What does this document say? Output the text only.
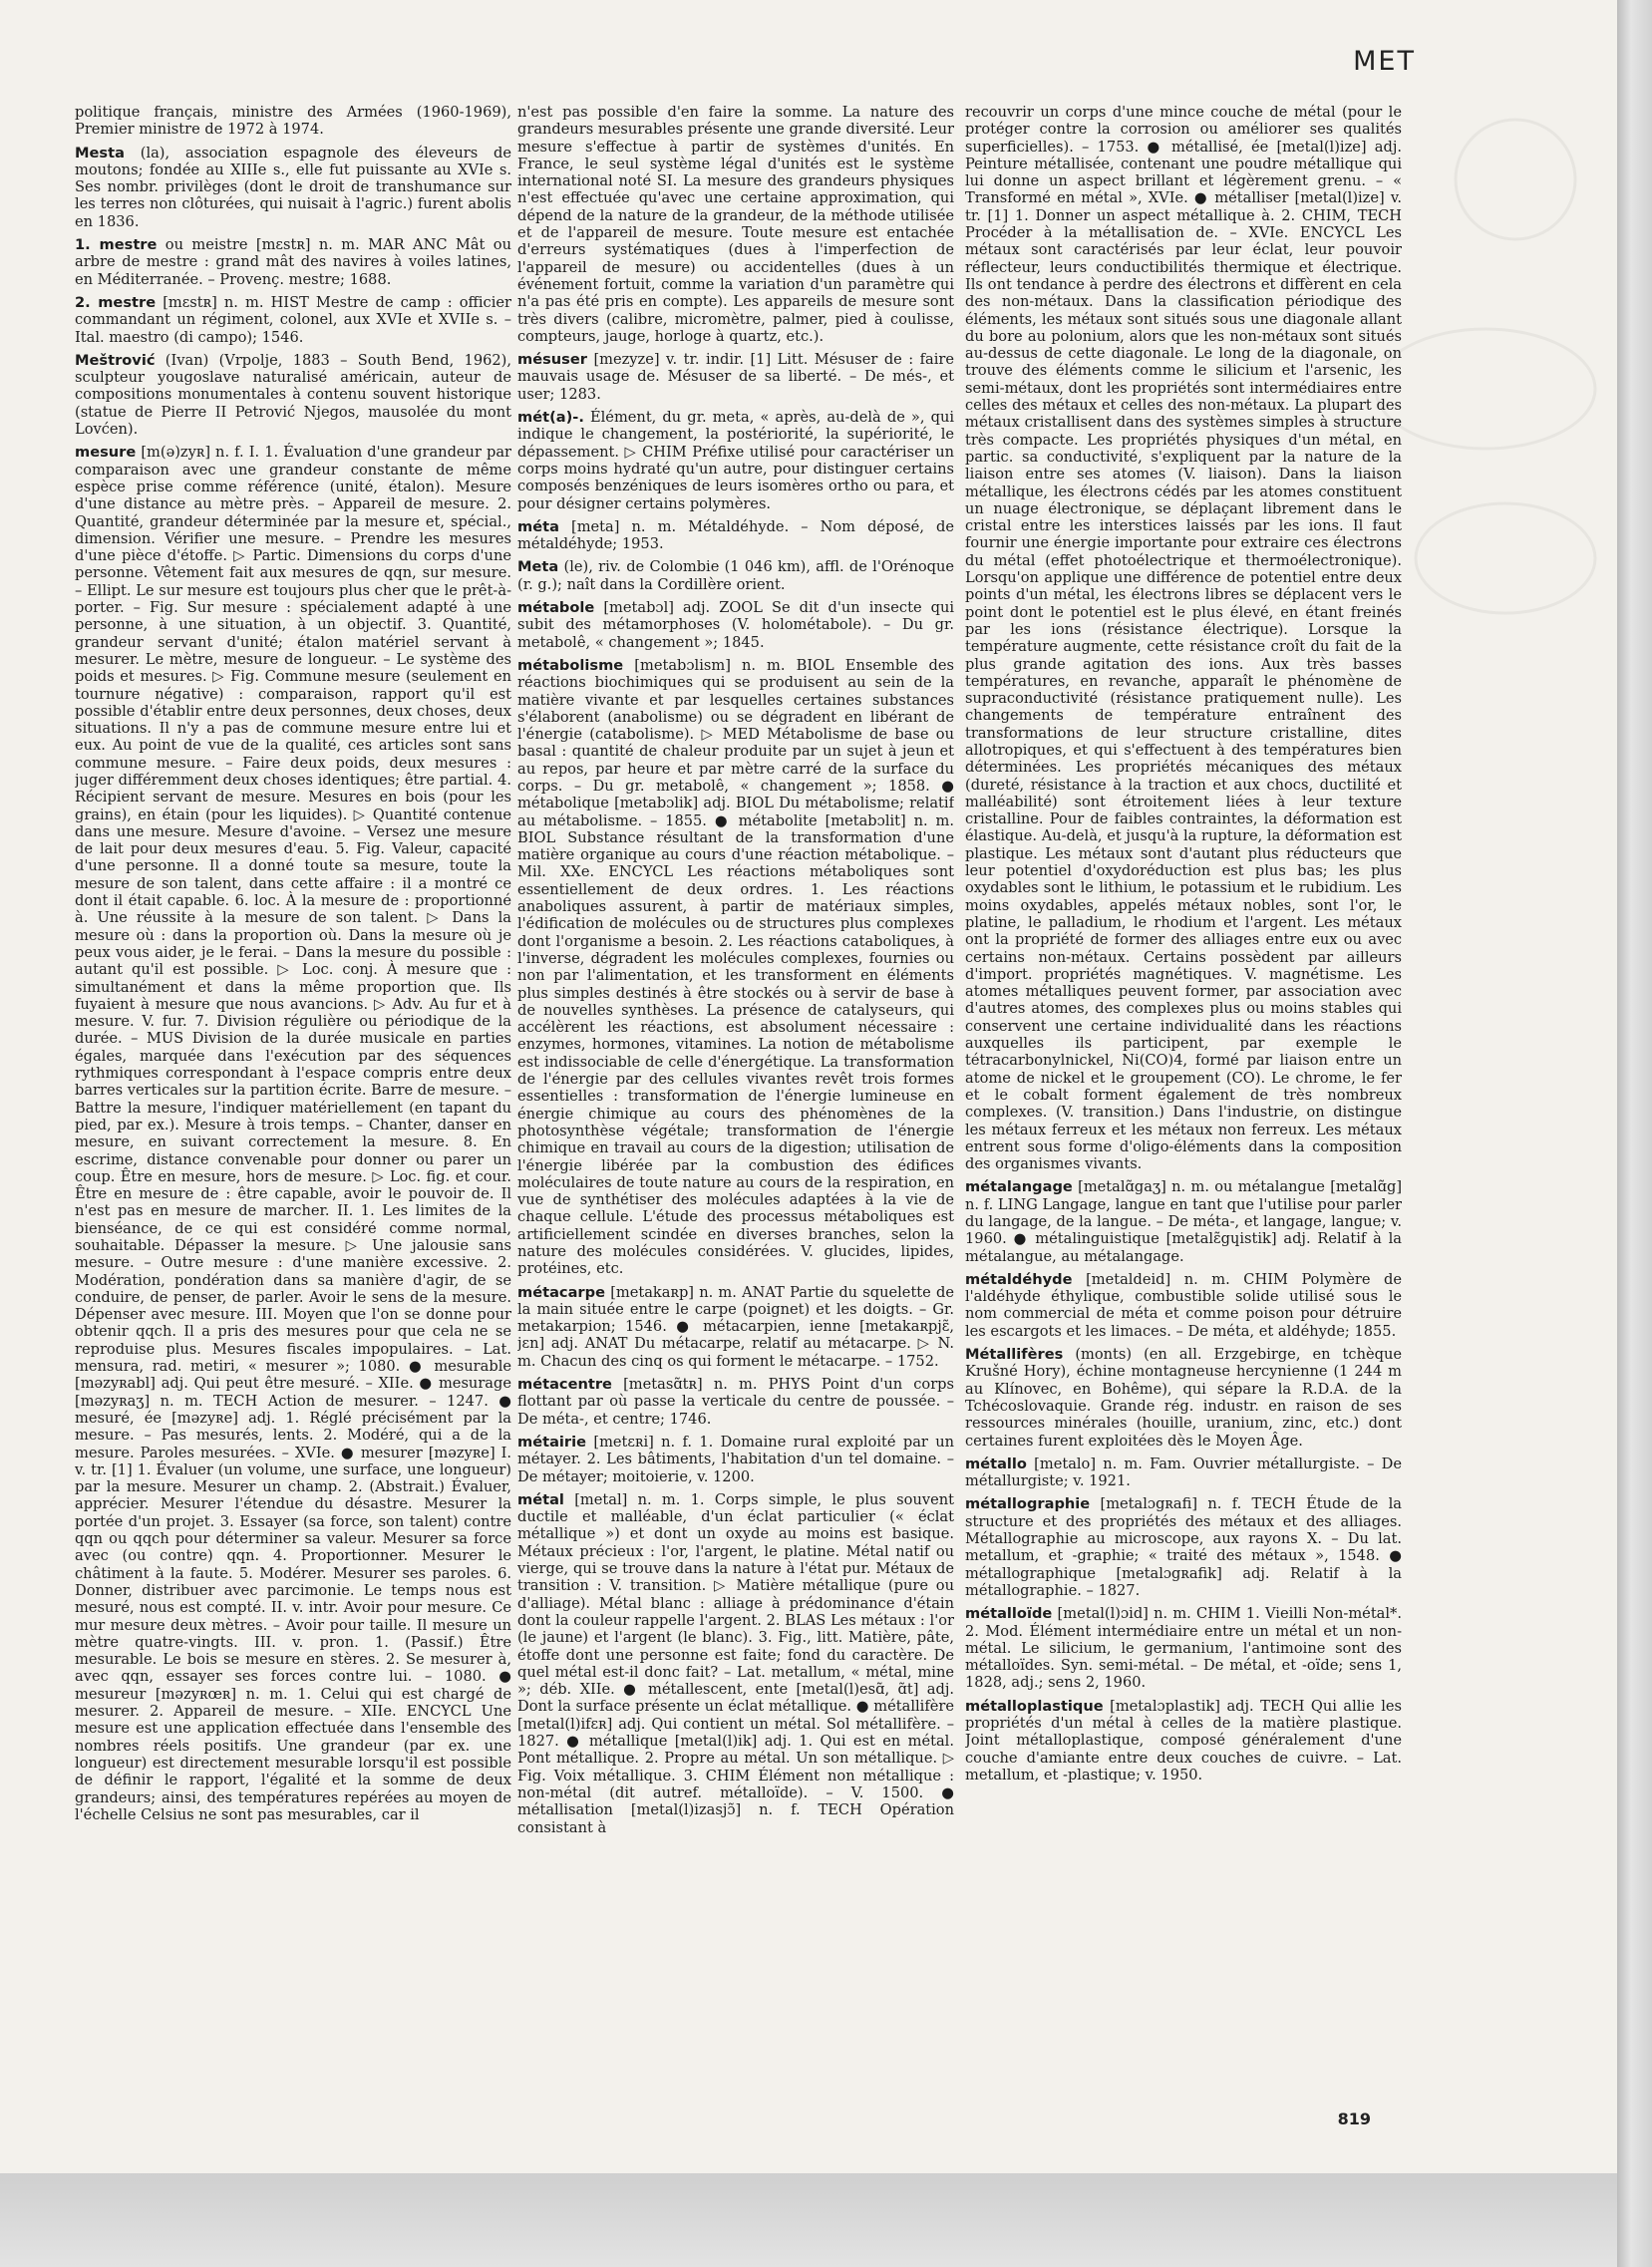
MET

politique français, ministre des Armées (1960-1969), Premier ministre de 1972 à 1974.

Mesta (la), association espagnole des éleveurs de moutons; fondée au XIIIe s., elle fut puissante au XVIe s. Ses nombr. privilèges (dont le droit de transhumance sur les terres non clôturées, qui nuisait à l'agric.) furent abolis en 1836.

1. mestre ou meistre [mɛstʀ] n. m. MAR ANC Mât ou arbre de mestre : grand mât des navires à voiles latines, en Méditerranée. – Provenç. mestre; 1688.

2. mestre [mɛstʀ] n. m. HIST Mestre de camp : officier commandant un régiment, colonel, aux XVIe et XVIIe s. – Ital. maestro (di campo); 1546.

Meštrović (Ivan) (Vrpolje, 1883 – South Bend, 1962), sculpteur yougoslave naturalisé américain, auteur de compositions monumentales à contenu souvent historique (statue de Pierre II Petrović Njegos, mausolée du mont Lovćen).

mesure [m(ə)zyʀ] n. f. I. 1. Évaluation d'une grandeur par comparaison avec une grandeur constante de même espèce prise comme référence (unité, étalon). Mesure d'une distance au mètre près. – Appareil de mesure. 2. Quantité, grandeur déterminée par la mesure et, spécial., dimension. Vérifier une mesure. – Prendre les mesures d'une pièce d'étoffe. ▷ Partic. Dimensions du corps d'une personne. Vêtement fait aux mesures de qqn, sur mesure. – Ellipt. Le sur mesure est toujours plus cher que le prêt-à-porter. – Fig. Sur mesure : spécialement adapté à une personne, à une situation, à un objectif. 3. Quantité, grandeur servant d'unité; étalon matériel servant à mesurer. Le mètre, mesure de longueur. – Le système des poids et mesures. ▷ Fig. Commune mesure (seulement en tournure négative) : comparaison, rapport qu'il est possible d'établir entre deux personnes, deux choses, deux situations. Il n'y a pas de commune mesure entre lui et eux. Au point de vue de la qualité, ces articles sont sans commune mesure. – Faire deux poids, deux mesures : juger différemment deux choses identiques; être partial. 4. Récipient servant de mesure. Mesures en bois (pour les grains), en étain (pour les liquides). ▷ Quantité contenue dans une mesure. Mesure d'avoine. – Versez une mesure de lait pour deux mesures d'eau. 5. Fig. Valeur, capacité d'une personne. Il a donné toute sa mesure, toute la mesure de son talent, dans cette affaire : il a montré ce dont il était capable. 6. loc. À la mesure de : proportionné à. Une réussite à la mesure de son talent. ▷ Dans la mesure où : dans la proportion où. Dans la mesure où je peux vous aider, je le ferai. – Dans la mesure du possible : autant qu'il est possible. ▷ Loc. conj. À mesure que : simultanément et dans la même proportion que. Ils fuyaient à mesure que nous avancions. ▷ Adv. Au fur et à mesure. V. fur. 7. Division régulière ou périodique de la durée. – MUS Division de la durée musicale en parties égales, marquée dans l'exécution par des séquences rythmiques correspondant à l'espace compris entre deux barres verticales sur la partition écrite. Barre de mesure. – Battre la mesure, l'indiquer matériellement (en tapant du pied, par ex.). Mesure à trois temps. – Chanter, danser en mesure, en suivant correctement la mesure. 8. En escrime, distance convenable pour donner ou parer un coup. Être en mesure, hors de mesure. ▷ Loc. fig. et cour. Être en mesure de : être capable, avoir le pouvoir de. Il n'est pas en mesure de marcher. II. 1. Les limites de la bienséance, de ce qui est considéré comme normal, souhaitable. Dépasser la mesure. ▷ Une jalousie sans mesure. – Outre mesure : d'une manière excessive. 2. Modération, pondération dans sa manière d'agir, de se conduire, de penser, de parler. Avoir le sens de la mesure. Dépenser avec mesure. III. Moyen que l'on se donne pour obtenir qqch. Il a pris des mesures pour que cela ne se reproduise plus. Mesures fiscales impopulaires. – Lat. mensura, rad. metiri, « mesurer »; 1080. ● mesurable [məzyʀabl] adj. Qui peut être mesuré. – XIIe. ● mesurage [məzyʀaʒ] n. m. TECH Action de mesurer. – 1247. ● mesuré, ée [məzyʀe] adj. 1. Réglé précisément par la mesure. – Pas mesurés, lents. 2. Modéré, qui a de la mesure. Paroles mesurées. – XVIe. ● mesurer [məzyʀe] I. v. tr. [1] 1. Évaluer (un volume, une surface, une longueur) par la mesure. Mesurer un champ. 2. (Abstrait.) Évaluer, apprécier. Mesurer l'étendue du désastre. Mesurer la portée d'un projet. 3. Essayer (sa force, son talent) contre qqn ou qqch pour déterminer sa valeur. Mesurer sa force avec (ou contre) qqn. 4. Proportionner. Mesurer le châtiment à la faute. 5. Modérer. Mesurer ses paroles. 6. Donner, distribuer avec parcimonie. Le temps nous est mesuré, nous est compté. II. v. intr. Avoir pour mesure. Ce mur mesure deux mètres. – Avoir pour taille. Il mesure un mètre quatre-vingts. III. v. pron. 1. (Passif.) Être mesurable. Le bois se mesure en stères. 2. Se mesurer à, avec qqn, essayer ses forces contre lui. – 1080. ● mesureur [məzyʀœʀ] n. m. 1. Celui qui est chargé de mesurer. 2. Appareil de mesure. – XIIe. ENCYCL Une mesure est une application effectuée dans l'ensemble des nombres réels positifs. Une grandeur (par ex. une longueur) est directement mesurable lorsqu'il est possible de définir le rapport, l'égalité et la somme de deux grandeurs; ainsi, des températures repérées au moyen de l'échelle Celsius ne sont pas mesurables, car il

n'est pas possible d'en faire la somme. La nature des grandeurs mesurables présente une grande diversité. Leur mesure s'effectue à partir de systèmes d'unités. En France, le seul système légal d'unités est le système international noté SI. La mesure des grandeurs physiques n'est effectuée qu'avec une certaine approximation, qui dépend de la nature de la grandeur, de la méthode utilisée et de l'appareil de mesure. Toute mesure est entachée d'erreurs systématiques (dues à l'imperfection de l'appareil de mesure) ou accidentelles (dues à un événement fortuit, comme la variation d'un paramètre qui n'a pas été pris en compte). Les appareils de mesure sont très divers (calibre, micromètre, palmer, pied à coulisse, compteurs, jauge, horloge à quartz, etc.).

mésuser [mezyze] v. tr. indir. [1] Litt. Mésuser de : faire mauvais usage de. Mésuser de sa liberté. – De més-, et user; 1283.

mét(a)-. Élément, du gr. meta, « après, au-delà de », qui indique le changement, la postériorité, la supériorité, le dépassement. ▷ CHIM Préfixe utilisé pour caractériser un corps moins hydraté qu'un autre, pour distinguer certains composés benzéniques de leurs isomères ortho ou para, et pour désigner certains polymères.

méta [meta] n. m. Métaldéhyde. – Nom déposé, de métaldéhyde; 1953.

Meta (le), riv. de Colombie (1 046 km), affl. de l'Orénoque (r. g.); naît dans la Cordillère orient.

métabole [metabɔl] adj. ZOOL Se dit d'un insecte qui subit des métamorphoses (V. holométabole). – Du gr. metabolê, « changement »; 1845.

métabolisme [metabɔlism] n. m. BIOL Ensemble des réactions biochimiques qui se produisent au sein de la matière vivante et par lesquelles certaines substances s'élaborent (anabolisme) ou se dégradent en libérant de l'énergie (catabolisme). ▷ MED Métabolisme de base ou basal : quantité de chaleur produite par un sujet à jeun et au repos, par heure et par mètre carré de la surface du corps. – Du gr. metabolê, « changement »; 1858. ● métabolique [metabɔlik] adj. BIOL Du métabolisme; relatif au métabolisme. – 1855. ● métabolite [metabɔlit] n. m. BIOL Substance résultant de la transformation d'une matière organique au cours d'une réaction métabolique. – Mil. XXe. ENCYCL Les réactions métaboliques sont essentiellement de deux ordres. 1. Les réactions anaboliques assurent, à partir de matériaux simples, l'édification de molécules ou de structures plus complexes dont l'organisme a besoin. 2. Les réactions cataboliques, à l'inverse, dégradent les molécules complexes, fournies ou non par l'alimentation, et les transforment en éléments plus simples destinés à être stockés ou à servir de base à de nouvelles synthèses. La présence de catalyseurs, qui accélèrent les réactions, est absolument nécessaire : enzymes, hormones, vitamines. La notion de métabolisme est indissociable de celle d'énergétique. La transformation de l'énergie par des cellules vivantes revêt trois formes essentielles : transformation de l'énergie lumineuse en énergie chimique au cours des phénomènes de la photosynthèse végétale; transformation de l'énergie chimique en travail au cours de la digestion; utilisation de l'énergie libérée par la combustion des édifices moléculaires de toute nature au cours de la respiration, en vue de synthétiser des molécules adaptées à la vie de chaque cellule. L'étude des processus métaboliques est artificiellement scindée en diverses branches, selon la nature des molécules considérées. V. glucides, lipides, protéines, etc.

métacarpe [metakaʀp] n. m. ANAT Partie du squelette de la main située entre le carpe (poignet) et les doigts. – Gr. metakarpion; 1546. ● métacarpien, ienne [metakaʀpjɛ̃, jɛn] adj. ANAT Du métacarpe, relatif au métacarpe. ▷ N. m. Chacun des cinq os qui forment le métacarpe. – 1752.

métacentre [metasɑ̃tʀ] n. m. PHYS Point d'un corps flottant par où passe la verticale du centre de poussée. – De méta-, et centre; 1746.

métairie [metɛʀi] n. f. 1. Domaine rural exploité par un métayer. 2. Les bâtiments, l'habitation d'un tel domaine. – De métayer; moitoierie, v. 1200.

métal [metal] n. m. 1. Corps simple, le plus souvent ductile et malléable, d'un éclat particulier (« éclat métallique ») et dont un oxyde au moins est basique. Métaux précieux : l'or, l'argent, le platine. Métal natif ou vierge, qui se trouve dans la nature à l'état pur. Métaux de transition : V. transition. ▷ Matière métallique (pure ou d'alliage). Métal blanc : alliage à prédominance d'étain dont la couleur rappelle l'argent. 2. BLAS Les métaux : l'or (le jaune) et l'argent (le blanc). 3. Fig., litt. Matière, pâte, étoffe dont une personne est faite; fond du caractère. De quel métal est-il donc fait? – Lat. metallum, « métal, mine »; déb. XIIe. ● métallescent, ente [metal(l)esɑ̃, ɑ̃t] adj. Dont la surface présente un éclat métallique. ● métallifère [metal(l)ifɛʀ] adj. Qui contient un métal. Sol métallifère. – 1827. ● métallique [metal(l)ik] adj. 1. Qui est en métal. Pont métallique. 2. Propre au métal. Un son métallique. ▷ Fig. Voix métallique. 3. CHIM Élément non métallique : non-métal (dit autref. métalloïde). – V. 1500. ● métallisation [metal(l)izasjɔ̃] n. f. TECH Opération consistant à

recouvrir un corps d'une mince couche de métal (pour le protéger contre la corrosion ou améliorer ses qualités superficielles). – 1753. ● métallisé, ée [metal(l)ize] adj. Peinture métallisée, contenant une poudre métallique qui lui donne un aspect brillant et légèrement grenu. – « Transformé en métal », XVIe. ● métalliser [metal(l)ize] v. tr. [1] 1. Donner un aspect métallique à. 2. CHIM, TECH Procéder à la métallisation de. – XVIe. ENCYCL Les métaux sont caractérisés par leur éclat, leur pouvoir réflecteur, leurs conductibilités thermique et électrique. Ils ont tendance à perdre des électrons et diffèrent en cela des non-métaux. Dans la classification périodique des éléments, les métaux sont situés sous une diagonale allant du bore au polonium, alors que les non-métaux sont situés au-dessus de cette diagonale. Le long de la diagonale, on trouve des éléments comme le silicium et l'arsenic, les semi-métaux, dont les propriétés sont intermédiaires entre celles des métaux et celles des non-métaux. La plupart des métaux cristallisent dans des systèmes simples à structure très compacte. Les propriétés physiques d'un métal, en partic. sa conductivité, s'expliquent par la nature de la liaison entre ses atomes (V. liaison). Dans la liaison métallique, les électrons cédés par les atomes constituent un nuage électronique, se déplaçant librement dans le cristal entre les interstices laissés par les ions. Il faut fournir une énergie importante pour extraire ces électrons du métal (effet photoélectrique et thermoélectronique). Lorsqu'on applique une différence de potentiel entre deux points d'un métal, les électrons libres se déplacent vers le point dont le potentiel est le plus élevé, en étant freinés par les ions (résistance électrique). Lorsque la température augmente, cette résistance croît du fait de la plus grande agitation des ions. Aux très basses températures, en revanche, apparaît le phénomène de supraconductivité (résistance pratiquement nulle). Les changements de température entraînent des transformations de leur structure cristalline, dites allotropiques, et qui s'effectuent à des températures bien déterminées. Les propriétés mécaniques des métaux (dureté, résistance à la traction et aux chocs, ductilité et malléabilité) sont étroitement liées à leur texture cristalline. Pour de faibles contraintes, la déformation est élastique. Au-delà, et jusqu'à la rupture, la déformation est plastique. Les métaux sont d'autant plus réducteurs que leur potentiel d'oxydoréduction est plus bas; les plus oxydables sont le lithium, le potassium et le rubidium. Les moins oxydables, appelés métaux nobles, sont l'or, le platine, le palladium, le rhodium et l'argent. Les métaux ont la propriété de former des alliages entre eux ou avec certains non-métaux. Certains possèdent par ailleurs d'import. propriétés magnétiques. V. magnétisme. Les atomes métalliques peuvent former, par association avec d'autres atomes, des complexes plus ou moins stables qui conservent une certaine individualité dans les réactions auxquelles ils participent, par exemple le tétracarbonylnickel, Ni(CO)4, formé par liaison entre un atome de nickel et le groupement (CO). Le chrome, le fer et le cobalt forment également de très nombreux complexes. (V. transition.) Dans l'industrie, on distingue les métaux ferreux et les métaux non ferreux. Les métaux entrent sous forme d'oligo-éléments dans la composition des organismes vivants.

métalangage [metalɑ̃gaʒ] n. m. ou métalangue [metalɑ̃g] n. f. LING Langage, langue en tant que l'utilise pour parler du langage, de la langue. – De méta-, et langage, langue; v. 1960. ● métalinguistique [metalɛ̃gɥistik] adj. Relatif à la métalangue, au métalangage.

métaldéhyde [metaldeid] n. m. CHIM Polymère de l'aldéhyde éthylique, combustible solide utilisé sous le nom commercial de méta et comme poison pour détruire les escargots et les limaces. – De méta, et aldéhyde; 1855.

Métallifères (monts) (en all. Erzgebirge, en tchèque Krušné Hory), échine montagneuse hercynienne (1 244 m au Klínovec, en Bohême), qui sépare la R.D.A. de la Tchécoslovaquie. Grande rég. industr. en raison de ses ressources minérales (houille, uranium, zinc, etc.) dont certaines furent exploitées dès le Moyen Âge.

métallo [metalo] n. m. Fam. Ouvrier métallurgiste. – De métallurgiste; v. 1921.

métallographie [metalɔgʀafi] n. f. TECH Étude de la structure et des propriétés des métaux et des alliages. Métallographie au microscope, aux rayons X. – Du lat. metallum, et -graphie; « traité des métaux », 1548. ● métallographique [metalɔgʀafik] adj. Relatif à la métallographie. – 1827.

métalloïde [metal(l)ɔid] n. m. CHIM 1. Vieilli Non-métal*. 2. Mod. Élément intermédiaire entre un métal et un non-métal. Le silicium, le germanium, l'antimoine sont des métalloïdes. Syn. semi-métal. – De métal, et -oïde; sens 1, 1828, adj.; sens 2, 1960.

métalloplastique [metalɔplastik] adj. TECH Qui allie les propriétés d'un métal à celles de la matière plastique. Joint métalloplastique, composé généralement d'une couche d'amiante entre deux couches de cuivre. – Lat. metallum, et -plastique; v. 1950.

819
